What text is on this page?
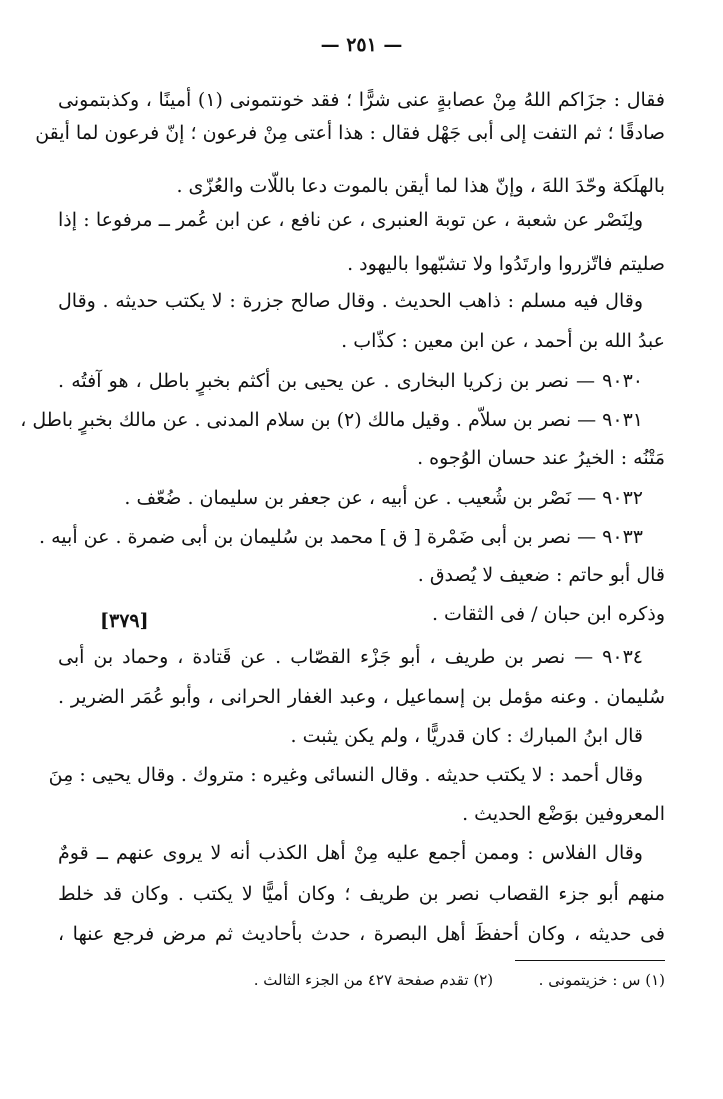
— ٢٥١ —
فقال : جزَاكم اللهُ مِنْ عصابةٍ عنى شرًّا ؛ فقد خونتمونى (١) أمينًا ، وكذبتمونى
صادقًا ؛ ثم التفت إلى أبى جَهْل فقال : هذا أعتى مِنْ فرعون ؛ إنّ فرعون لما أيقن
بالهلَكة وحّدَ اللهَ ، وإنّ هذا لما أيقن بالموت دعا باللّات والعُزّى .
ولِنَصْر عن شعبة ، عن توبة العنبرى ، عن نافع ، عن ابن عُمر ــ مرفوعا : إذا
صليتم فاتّزروا وارتَدُوا ولا تشبّهوا باليهود .
وقال فيه مسلم : ذاهب الحديث . وقال صالح جزرة : لا يكتب حديثه . وقال
عبدُ الله بن أحمد ، عن ابن معين : كذّاب .
٩٠٣٠ — نصر بن زكريا البخارى . عن يحيى بن أكثم بخبرٍ باطل ، هو آفتُه .
٩٠٣١ — نصر بن سلاّم . وقيل مالك (٢) بن سلام المدنى . عن مالك بخبرٍ باطل ،
مَتْنُه : الخيرُ عند حسان الوُجوه .
٩٠٣٢ — نَصْر بن شُعيب . عن أبيه ، عن جعفر بن سليمان . ضُعّف .
٩٠٣٣ — نصر بن أبى ضَمْرة [ ق ] محمد بن سُليمان بن أبى ضمرة . عن أبيه .
قال أبو حاتم : ضعيف لا يُصدق .
وذكره ابن حبان / فى الثقات .
[٣٧٩]
٩٠٣٤ — نصر بن طريف ، أبو جَزْء القصّاب . عن قَتادة ، وحماد بن أبى
سُليمان . وعنه مؤمل بن إسماعيل ، وعبد الغفار الحرانى ، وأبو عُمَر الضرير .
قال ابنُ المبارك : كان قدريًّا ، ولم يكن يثبت .
وقال أحمد : لا يكتب حديثه . وقال النسائى وغيره : متروك . وقال يحيى : مِنَ
المعروفين بوَضْع الحديث .
وقال الفلاس : وممن أجمع عليه مِنْ أهل الكذب أنه لا يروى عنهم ــ قومٌ
منهم أبو جزء القصاب نصر بن طريف ؛ وكان أميًّا لا يكتب . وكان قد خلط
فى حديثه ، وكان أحفظَ أهل البصرة ، حدث بأحاديث ثم مرض فرجع عنها ،
(١) س : خزيتمونى .  (٢) تقدم صفحة ٤٢٧ من الجزء الثالث .
